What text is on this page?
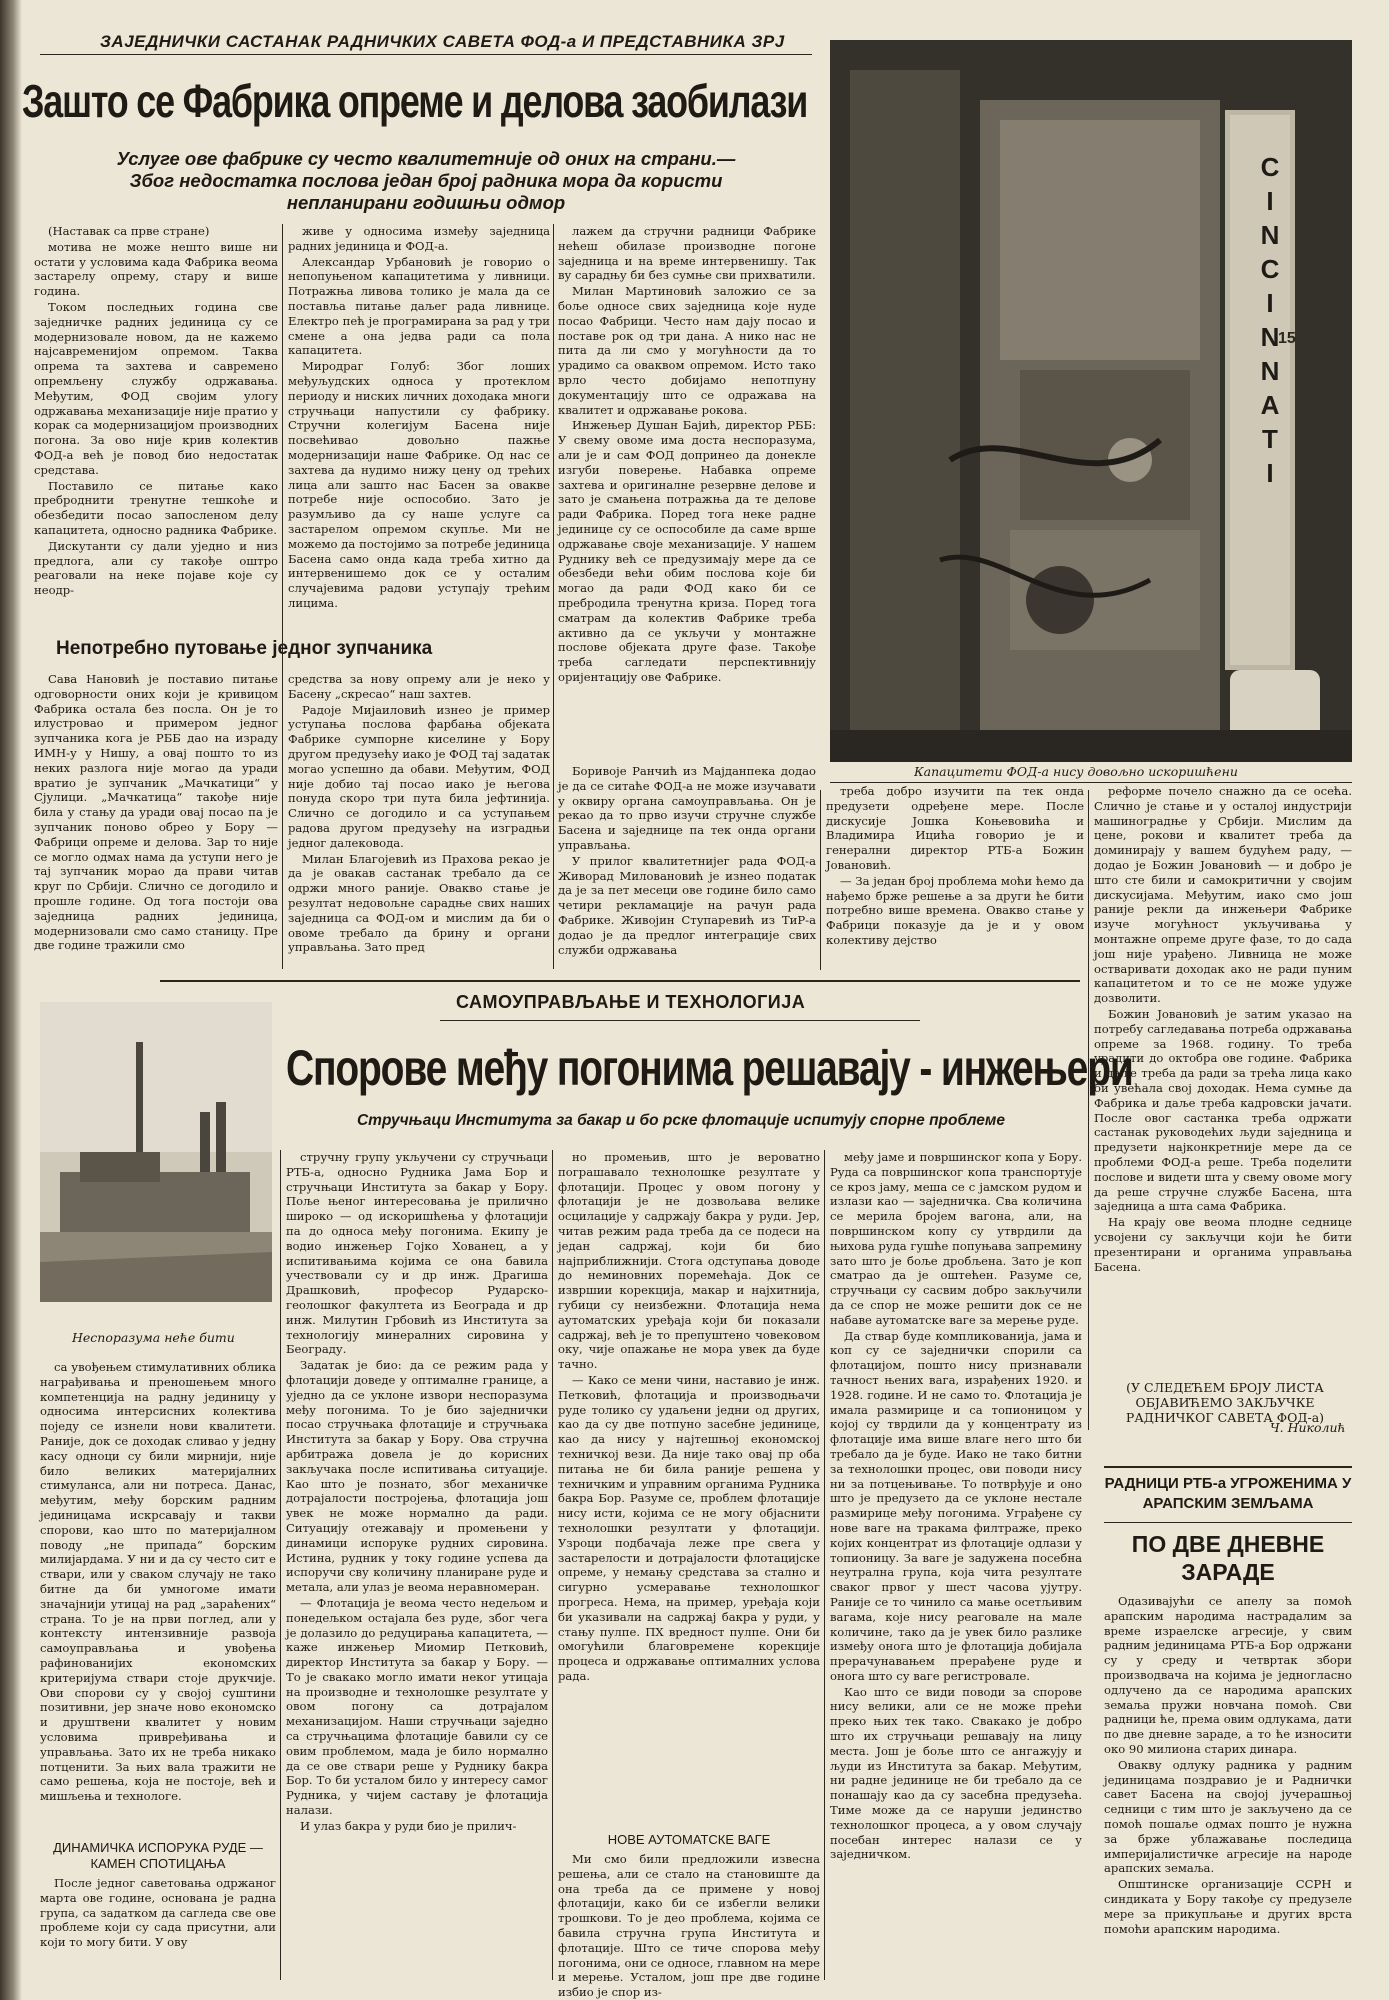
ЗАЈЕДНИЧКИ САСТАНАК РАДНИЧКИХ САВЕТА ФОД-а И ПРЕДСТАВНИКА ЗРЈ
Зашто се Фабрика опреме и делова заобилази
Услуге ове фабрике су често квалитетније од оних на страни.—
Због недостатка послова један број радника мора да користи
непланирани годишњи одмор

(Наставак са прве стране)

мотива не може нешто више ни остати у условима када Фабрика веома застарелу опрему, стару и више година.

Током последњих година све заједничке радних јединица су се модернизовале новом, да не кажемо најсавременијом опремом. Таква опрема та захтева и савремено опремљену службу одржавања. Међутим, ФОД својим улогу одржавања механизације није пратио у корак са модернизацијом производних погона. За ово није крив колектив ФОД-а већ је повод био недостатак средстава.

Поставило се питање како преброднити тренутне тешкоће и обезбедити посао запосленом делу капацитета, односно радника Фабрике.

Дискутанти су дали уједно и низ предлога, али су такође оштро реаговали на неке појаве које су неодр-

живе у односима између заједница радних јединица и ФОД-а.

Александар Урбановић је говорио о непопуњеном капацитетима у ливници. Потражња ливова толико је мала да се поставља питање даљег рада ливнице. Електро пећ је програмирана за рад у три смене а она једва ради са пола капацитета.

Миродраг Голуб: Због лоших међуљудских односа у протеклом периоду и ниских личних доходака многи стручњаци напустили су фабрику. Стручни колегијум Басена није посвећивао довољно пажње модернизацији наше Фабрике. Од нас се захтева да нудимо нижу цену од трећих лица али зашто нас Басен за овакве потребе није оспособио. Зато је разумљиво да су наше услуге са застарелом опремом скупље. Ми не можемо да постојимо за потребе јединица Басена само онда када треба хитно да интервенишемо док се у осталим случајевима радови уступају трећим лицима.

лажем да стручни радници Фабрике нећеш обилазе производне погоне заједница и на време интервенишу. Так ву сарадњу би без сумње сви прихватили.

Милан Мартиновић заложио се за боље односе свих заједница које нуде посао Фабрици. Често нам дају посао и поставе рок од три дана. А нико нас не пита да ли смо у могућности да то урадимо са оваквом опремом. Исто тако врло често добијамо непотпуну документацију што се одражава на квалитет и одржавање рокова.

Инжењер Душан Бајић, директор РББ: У свему овоме има доста неспоразума, али је и сам ФОД допринео да донекле изгуби поверење. Набавка опреме захтева и оригиналне резервне делове и зато је смањена потражња да те делове ради Фабрика. Поред тога неке радне јединице су се оспособиле да саме врше одржавање своје механизације. У нашем Руднику већ се предузимају мере да се обезбеди већи обим послова које би могао да ради ФОД како би се пребродила тренутна криза. Поред тога сматрам да колектив Фабрике треба активно да се укључи у монтажне послове објеката друге фазе. Такође треба сагледати перспективнију оријентацију ове Фабрике.

Непотребно путовање једног зупчаника

Сава Нановић је поставио питање одговорности оних који је кривицом Фабрика остала без посла. Он је то илустровао и примером једног зупчаника кога је РББ дао на израду ИМН-у у Нишу, а овај пошто то из неких разлога није могао да уради вратио је зупчаник „Мачкатици“ у Сјулици. „Мачкатица“ такође није била у стању да уради овај посао па је зупчаник поново обрео у Бору — Фабрици опреме и делова. Зар то није се могло одмах нама да уступи него је тај зупчаник морао да прави читав круг по Србији. Слично се догодило и прошле године. Од тога постоји ова заједница радних јединица, модернизовали смо само станицу. Пре две године тражили смо

средства за нову опрему али је неко у Басену „скресао“ наш захтев.

Радоје Мијаиловић изнео је пример уступања послова фарбања објеката Фабрике сумпорне киселине у Бору другом предузећу иако је ФОД тај задатак могао успешно да обави. Међутим, ФОД није добио тај посао иако је његова понуда скоро три пута била јефтинија. Слично се догодило и са уступањем радова другом предузећу на изградњи једног далековода.

Милан Благојевић из Прахова рекао је да је овакав састанак требало да се одржи много раније. Овакво стање је резултат недовољне сарадње свих наших заједница са ФОД-ом и мислим да би о овоме требало да брину и органи управљања. Зато пред

Боривоје Ранчић из Мајданпека додао је да се ситаће ФОД-а не може изучавати у оквиру органа самоуправљања. Он је рекао да то прво изучи стручне службе Басена и заједнице па тек онда органи управљања.

У прилог квалитетнијег рада ФОД-а Живорад Миловановић је изнео податак да је за пет месеци ове године било само четири рекламације на рачун рада Фабрике. Живојин Ступаревић из ТиР-а додао је да предлог интеграције свих служби одржавања

CINCINNATI
15
Капацитети ФОД-а нису довољно искоришћени

треба добро изучити па тек онда предузети одређене мере. После дискусије Јошка Коњевовића и Владимира Ицића говорио је и генерални директор РТБ-а Божин Јовановић.

— За један број проблема моћи ћемо да нађемо брже решење а за други ће бити потребно више времена. Овакво стање у Фабрици показује да је и у овом колективу дејство

реформе почело снажно да се осећа. Слично је стање и у осталој индустрији машиноградње у Србији. Мислим да цене, рокови и квалитет треба да доминирају у вашем будућем раду, — додао је Божин Јовановић — и добро је што сте били и самокритични у својим дискусијама. Међутим, иако смо још раније рекли да инжењери Фабрике изуче могућност укључивања у монтажне опреме друге фазе, то до сада још није урађено. Ливница не може остваривати доходак ако не ради пуним капацитетом и то се не може удуже дозволити.

Божин Јовановић је затим указао на потребу сагледавања потреба одржавања опреме за 1968. годину. То треба урадити до октобра ове године. Фабрика и даље треба да ради за трећа лица како би увећала свој доходак. Нема сумње да Фабрика и даље треба кадровски јачати. После овог састанка треба одржати састанак руководећих људи заједница и предузети најконкретније мере да се проблеми ФОД-а реше. Треба поделити послове и видети шта у свему овоме могу да реше стручне службе Басена, шта заједница а шта сама Фабрика.

На крају ове веома плодне седнице усвојени су закључци који ће бити презентирани и органима управљања Басена.

(У СЛЕДЕЋЕМ БРОЈУ ЛИСТА ОБЈАВИЋЕМО ЗАКЉУЧКЕ РАДНИЧКОГ САВЕТА ФОД-а)
Ч. Николић
САМОУПРАВЉАЊЕ И ТЕХНОЛОГИЈА
Спорове међу погонима решавају - инжењери
Стручњаци Института за бакар и бо рске флотације испитују спорне проблеме
Неспоразума неће бити

са увођењем стимулативних облика награђивања и преношењем много компетенција на радну јединицу у односима интерсисних колектива поједу се изнели нови квалитети. Раније, док се доходак сливао у једну касу одноци су били мирнији, није било великих материјалних стимуланса, али ни потреса. Данас, међутим, међу борским радним јединицама искрсавају и такви спорови, као што по материјалном поводу „не припада“ борским милијардама. У ни и да су често сит е ствари, или у сваком случају не тако битне да би умногоме имати значајнији утицај на рад „зараћених“ страна. То је на први поглед, али у контексту интензивније развоја самоуправљања и увођења рафинованијих економских критеријума ствари стоје друкчије. Ови спорови су у својој суштини позитивни, јер значе ново економско и друштвени квалитет у новим условима привређивања и управљања. Зато их не треба никако потценити. За њих вала тражити не само решења, која не постоје, већ и мишљења и технологе.

ДИНАМИЧКА ИСПОРУКА РУДЕ — КАМЕН СПОТИЦАЊА

После једног саветовања одржаног марта ове године, основана је радна група, са задатком да сагледа све ове проблеме који су сада присутни, али који то могу бити. У ову

стручну групу укључени су стручњаци РТБ-а, односно Рудника Јама Бор и стручњаци Института за бакар у Бору. Поље њеног интересовања је прилично широко — од искоришћења у флотацији па до односа међу погонима. Екипу је водио инжењер Гојко Хованец, а у испитивањима којима се она бавила учествовали су и др инж. Драгиша Драшковић, професор Рударско-геолошког факултета из Београда и др инж. Милутин Грбовић из Института за технологију минералних сировина у Београду.

Задатак је био: да се режим рада у флотацији доведе у оптималне границе, а уједно да се уклоне извори неспоразума међу погонима. То је био заједнички посао стручњака флотације и стручњака Института за бакар у Бору. Ова стручна арбитража довела је до корисних закључака после испитивања ситуације. Као што је познато, због механичке дотрајалости постројења, флотација још увек не може нормално да ради. Ситуацију отежавају и промењени у динамици испоруке рудних сировина. Истина, рудник у току године успева да испоручи сву количину планиране руде и метала, али улаз је веома неравномеран.

— Флотација је веома често недељом и понедељком остајала без руде, због чега је долазило до редуцирања капацитета, — каже инжењер Миомир Петковић, директор Института за бакар у Бору. — То је свакако могло имати неког утицаја на производне и технолошке резултате у овом погону са дотрајалом механизацијом. Наши стручњаци заједно са стручњацима флотације бавили су се овим проблемом, мада је било нормално да се ове ствари реше у Руднику бакра Бор. То би усталом било у интересу самог Рудника, у чијем саставу је флотација налази.

И улаз бакра у руди био је прилич-

но промењив, што је вероватно пограшавало технолошке резултате у флотацији. Процес у овом погону у флотацији је не дозвољава велике осцилације у садржају бакра у руди. Јер, читав режим рада треба да се подеси на један садржај, који би био најприближнији. Стога одступања доводе до неминовних поремећаја. Док се извршии корекција, макар и најхитнија, губици су неизбежни. Флотација нема аутоматских уређаја који би показали садржај, већ је то препуштено човековом оку, чије опажање не мора увек да буде тачно.

— Како се мени чини, наставио је инж. Петковић, флотација и производњачи руде толико су удаљени једни од других, као да су две потпуно засебне јединице, као да нису у најтешњој економској техничкој вези. Да није тако овај пр оба питања не би била раније решена у техничким и управним органима Рудника бакра Бор. Разуме се, проблем флотације нису исти, којима се не могу објаснити технолошки резултати у флотацији. Узроци подбачаја леже пре свега у застарелости и дотрајалости флотацијске опреме, у немању средстава за стално и сигурно усмеравање технолошког прогреса. Нема, на пример, уређаја који би указивали на садржај бакра у руди, у стању пулпе. ПХ вредност пулпе. Они би омогућили благовремене корекције процеса и одржавање оптималних услова рада.

НОВЕ АУТОМАТСКЕ ВАГЕ

Ми смо били предложили извесна решења, али се стало на становиште да она треба да се примене у новој флотацији, како би се избегли велики трошкови. То је део проблема, којима се бавила стручна група Института и флотације. Што се тиче спорова међу погонима, они се односе, главном на мере и мерење. Усталом, још пре две године избио је спор из-

међу јаме и површинског копа у Бору. Руда са површинског копа транспортује се кроз јаму, меша се с јамском рудом и излази као — заједничка. Сва количина се мерила бројем вагона, али, на површинском копу су утврдили да њихова руда гушће попуњава запремину зато што је боље дробљена. Зато је коп сматрао да је оштећен. Разуме се, стручњаци су сасвим добро закључили да се спор не може решити док се не набаве аутоматске ваге за мерење руде.

Да ствар буде компликованија, јама и коп су се заједнички спорили са флотацијом, пошто нису признавали тачност њених вага, израђених 1920. и 1928. године. И не само то. Флотација је имала размирице и са топионицом у којој су тврдили да у концентрату из флотације има више влаге него што би требало да је буде. Иако не тако битни за технолошки процес, ови поводи нису ни за потцењивање. То потврђује и оно што је предузето да се уклоне нестале размирице међу погонима. Уграђене су нове ваге на тракама филтраже, преко којих концентрат из флотације одлази у топионицу. За ваге је задужена посебна неутрална група, која чита резултате сваког првог у шест часова ујутру. Раније се то чинило са мање осетљивим вагама, које нису реаговале на мале количине, тако да је увек било разлике између онога што је флотација добијала прерачунавањем прерађене руде и онога што су ваге регистровале.

Као што се види поводи за спорове нису велики, али се не може прећи преко њих тек тако. Свакако је добро што их стручњаци решавају на лицу места. Још је боље што се ангажују и људи из Института за бакар. Међутим, ни радне јединице не би требало да се понашају као да су засебна предузећа. Тиме може да се наруши јединство технолошког процеса, а у овом случају посебан интерес налази се у заједничком.

РАДНИЦИ РТБ-а УГРОЖЕНИМА У
АРАПСКИМ ЗЕМЉАМА
ПО ДВЕ ДНЕВНЕ
ЗАРАДЕ

Одазивајући се апелу за помоћ арапским народима настрадалим за време израелске агресије, у свим радним јединицама РТБ-а Бор одржани су у среду и четвртак збори производвача на којима је једногласно одлучено да се народима арапских земаља пружи новчана помоћ. Сви радници ће, према овим одлукама, дати по две дневне зараде, а то ће износити око 90 милиона старих динара.

Овакву одлуку радника у радним јединицама поздравио је и Раднички савет Басена на својој јучерашњој седници с тим што је закључено да се помоћ пошаље одмах пошто је нужна за брже ублажавање последица империјалистичке агресије на народе арапских земаља.

Општинске организације ССРН и синдиката у Бору такође су предузеле мере за прикупљање и других врста помоћи арапским народима.
